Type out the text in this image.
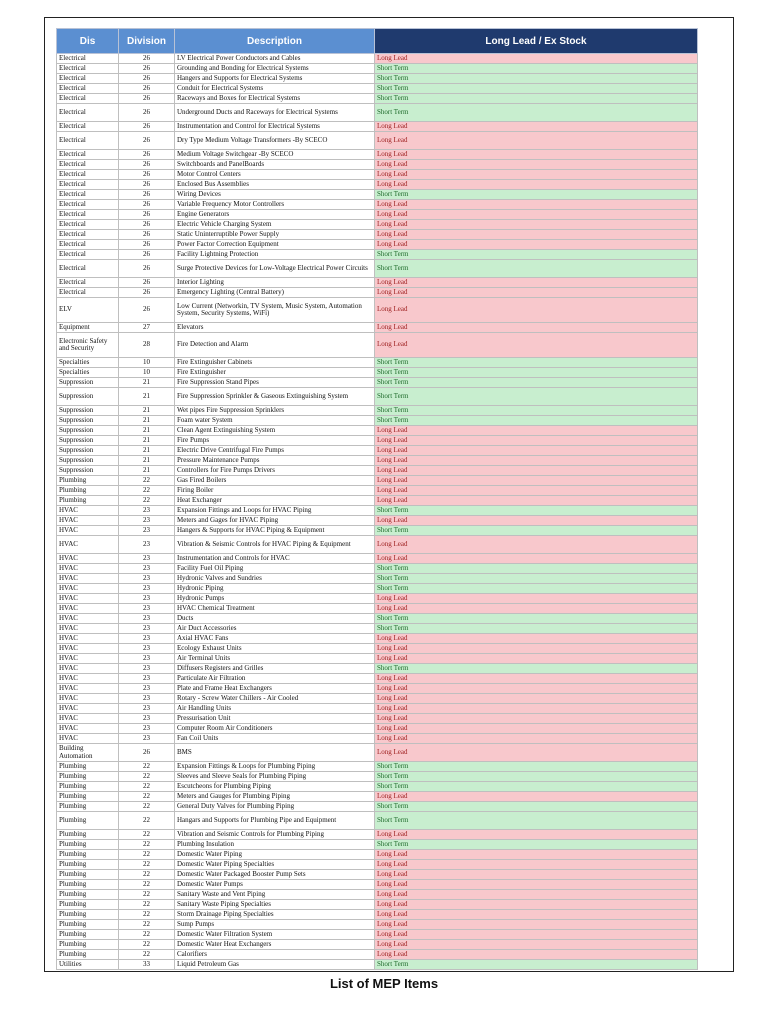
Dis	Division	Description	Long Lead / Ex Stock
Electrical	26	LV Electrical Power Conductors and Cables	Long Lead
Electrical	26	Grounding and Bonding for Electrical Systems	Short Term
Electrical	26	Hangers and Supports for Electrical Systems	Short Term
Electrical	26	Conduit for Electrical Systems	Short Term
Electrical	26	Raceways and Boxes for Electrical Systems	Short Term
Electrical	26	Underground Ducts and Raceways for Electrical Systems	Short Term
Electrical	26	Instrumentation and Control for Electrical Systems	Long Lead
Electrical	26	Dry Type Medium Voltage Transformers -By SCECO	Long Lead
Electrical	26	Medium Voltage Switchgear -By SCECO	Long Lead
Electrical	26	Switchboards and PanelBoards	Long Lead
Electrical	26	Motor Control Centers	Long Lead
Electrical	26	Enclosed Bus Assemblies	Long Lead
Electrical	26	Wiring Devices	Short Term
Electrical	26	Variable Frequency Motor Controllers	Long Lead
Electrical	26	Engine Generators	Long Lead
Electrical	26	Electric Vehicle Charging System	Long Lead
Electrical	26	Static Uninterruptible Power Supply	Long Lead
Electrical	26	Power Factor Correction Equipment	Long Lead
Electrical	26	Facility Lightning Protection	Short Term
Electrical	26	Surge Protective Devices for Low-Voltage Electrical Power Circuits	Short Term
Electrical	26	Interior Lighting	Long Lead
Electrical	26	Emergency Lighting (Central Battery)	Long Lead
ELV	26	Low Current (Networkin, TV System, Music System, Automation System, Security Systems, WiFi)	Long Lead
Equipment	27	Elevators	Long Lead
Electronic Safety and Security	28	Fire Detection and Alarm	Long Lead
Specialties	10	Fire Extinguisher Cabinets	Short Term
Specialties	10	Fire Extinguisher	Short Term
Suppression	21	Fire Suppression Stand Pipes	Short Term
Suppression	21	Fire Suppression Sprinkler & Gaseous Extinguishing System	Short Term
Suppression	21	Wet pipes Fire Suppression Sprinklers	Short Term
Suppression	21	Foam water System	Short Term
Suppression	21	Clean Agent Extinguishing System	Long Lead
Suppression	21	Fire Pumps	Long Lead
Suppression	21	Electric Drive Centrifugal Fire Pumps	Long Lead
Suppression	21	Pressure Maintenance Pumps	Long Lead
Suppression	21	Controllers for Fire Pumps Drivers	Long Lead
Plumbing	22	Gas Fired Boilers	Long Lead
Plumbing	22	Firing Boiler	Long Lead
Plumbing	22	Heat Exchanger	Long Lead
HVAC	23	Expansion Fittings and Loops for HVAC Piping	Short Term
HVAC	23	Meters and Gages for HVAC Piping	Long Lead
HVAC	23	Hangers & Supports for HVAC Piping & Equipment	Short Term
HVAC	23	Vibration & Seismic Controls for HVAC Piping & Equipment	Long Lead
HVAC	23	Instrumentation and Controls for HVAC	Long Lead
HVAC	23	Facility Fuel Oil Piping	Short Term
HVAC	23	Hydronic Valves and Sundries	Short Term
HVAC	23	Hydronic Piping	Short Term
HVAC	23	Hydronic Pumps	Long Lead
HVAC	23	HVAC Chemical Treatment	Long Lead
HVAC	23	Ducts	Short Term
HVAC	23	Air Duct Accessories	Short Term
HVAC	23	Axial HVAC Fans	Long Lead
HVAC	23	Ecology Exhaust Units	Long Lead
HVAC	23	Air Terminal Units	Long Lead
HVAC	23	Diffusers Registers and Grilles	Short Term
HVAC	23	Particulate Air Filtration	Long Lead
HVAC	23	Plate and Frame Heat Exchangers	Long Lead
HVAC	23	Rotary - Screw Water Chillers - Air Cooled	Long Lead
HVAC	23	Air Handling Units	Long Lead
HVAC	23	Pressurisation Unit	Long Lead
HVAC	23	Computer Room Air Conditioners	Long Lead
HVAC	23	Fan Coil Units	Long Lead
Building Automation	26	BMS	Long Lead
Plumbing	22	Expansion Fittings & Loops for Plumbing Piping	Short Term
Plumbing	22	Sleeves and Sleeve Seals for Plumbing Piping	Short Term
Plumbing	22	Escutcheons for Plumbing Piping	Short Term
Plumbing	22	Meters and Gauges for Plumbing Piping	Long Lead
Plumbing	22	General Duty Valves for Plumbing Piping	Short Term
Plumbing	22	Hangars and Supports for Plumbing Pipe and Equipment	Short Term
Plumbing	22	Vibration and Seismic Controls for Plumbing Piping	Long Lead
Plumbing	22	Plumbing Insulation	Short Term
Plumbing	22	Domestic Water Piping	Long Lead
Plumbing	22	Domestic Water Piping Specialties	Long Lead
Plumbing	22	Domestic Water Packaged Booster Pump Sets	Long Lead
Plumbing	22	Domestic Water Pumps	Long Lead
Plumbing	22	Sanitary Waste and Vent Piping	Long Lead
Plumbing	22	Sanitary Waste Piping Specialties	Long Lead
Plumbing	22	Storm Drainage Piping Specialties	Long Lead
Plumbing	22	Sump Pumps	Long Lead
Plumbing	22	Domestic Water Filtration System	Long Lead
Plumbing	22	Domestic Water Heat Exchangers	Long Lead
Plumbing	22	Calorifiers	Long Lead
Utilities	33	Liquid Petroleum Gas	Short Term
List of MEP Items
